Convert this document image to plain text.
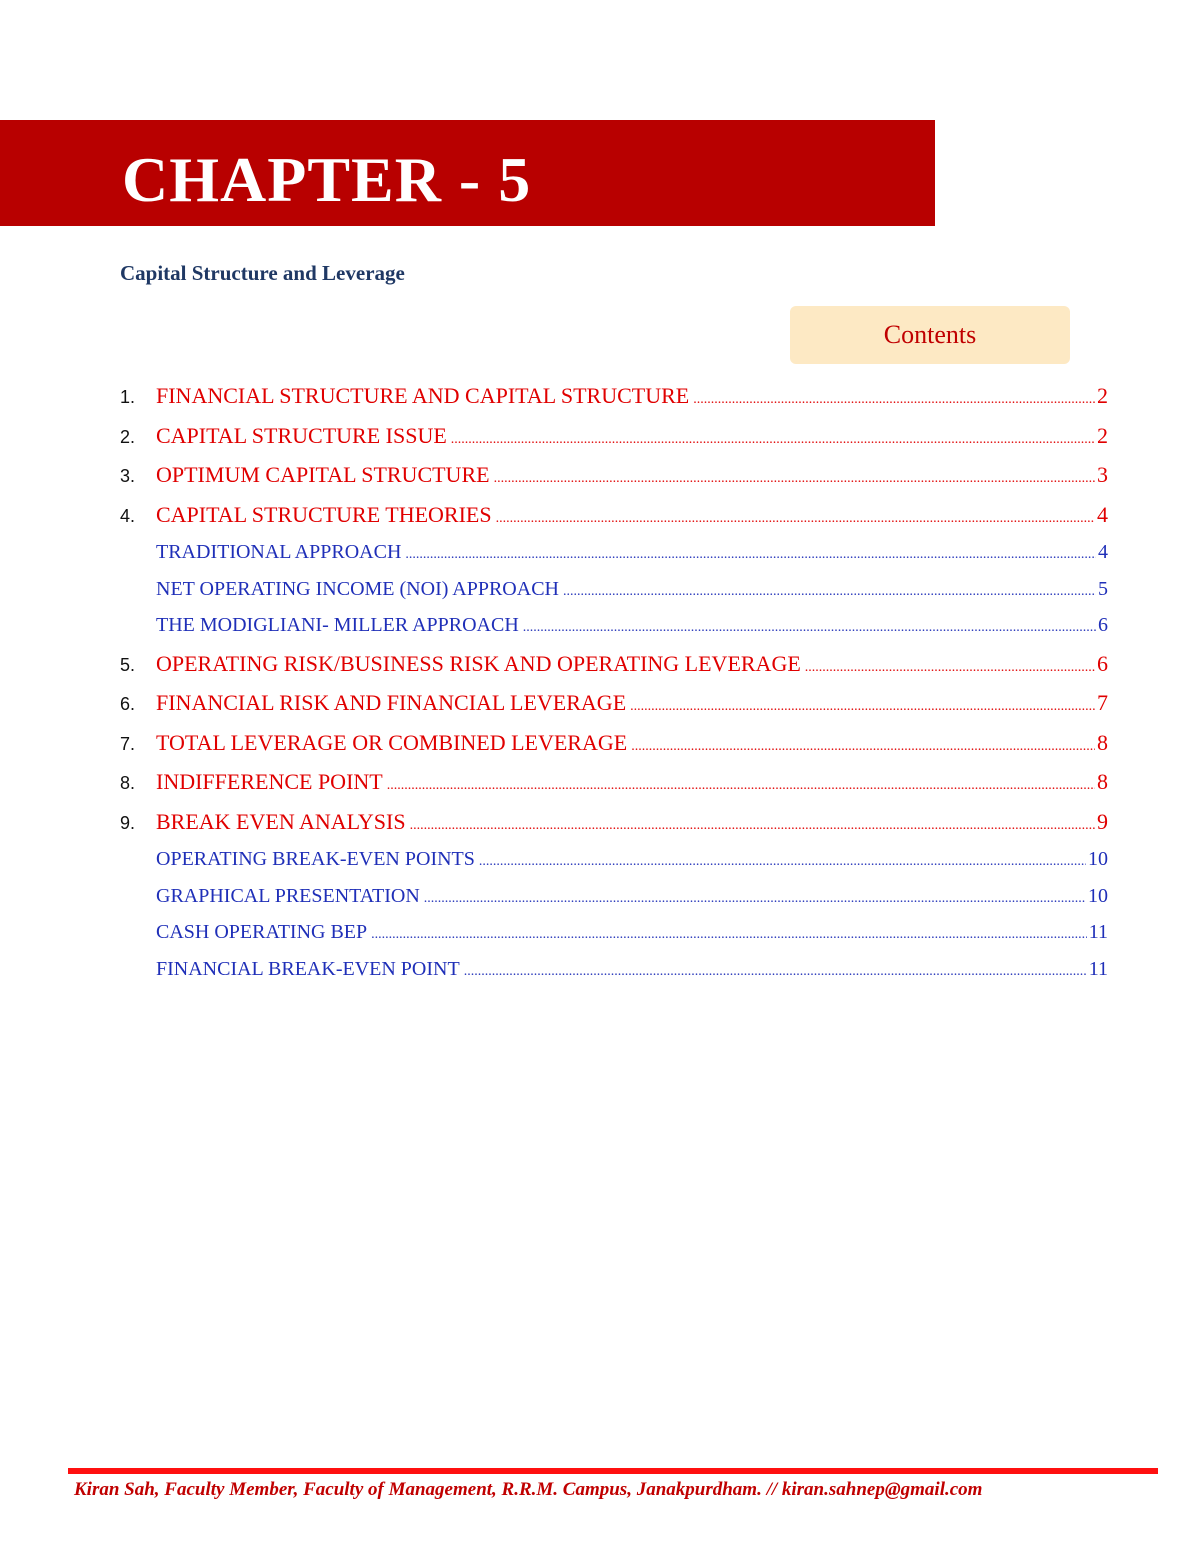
CHAPTER - 5
Capital Structure and Leverage
Contents
1. FINANCIAL STRUCTURE AND CAPITAL STRUCTURE .....	2
2. CAPITAL STRUCTURE ISSUE .....	2
3. OPTIMUM CAPITAL STRUCTURE .....	3
4. CAPITAL STRUCTURE THEORIES .....	4
TRADITIONAL APPROACH .....	4
NET OPERATING INCOME (NOI) APPROACH .....	5
THE MODIGLIANI- MILLER APPROACH .....	6
5. OPERATING RISK/BUSINESS RISK AND OPERATING LEVERAGE .....	6
6. FINANCIAL RISK AND FINANCIAL LEVERAGE .....	7
7. TOTAL LEVERAGE OR COMBINED LEVERAGE .....	8
8. INDIFFERENCE POINT .....	8
9. BREAK EVEN ANALYSIS .....	9
OPERATING BREAK-EVEN POINTS .....	10
GRAPHICAL PRESENTATION .....	10
CASH OPERATING BEP .....	11
FINANCIAL BREAK-EVEN POINT .....	11
Kiran Sah, Faculty Member, Faculty of Management, R.R.M. Campus, Janakpurdham. // kiran.sahnep@gmail.com
